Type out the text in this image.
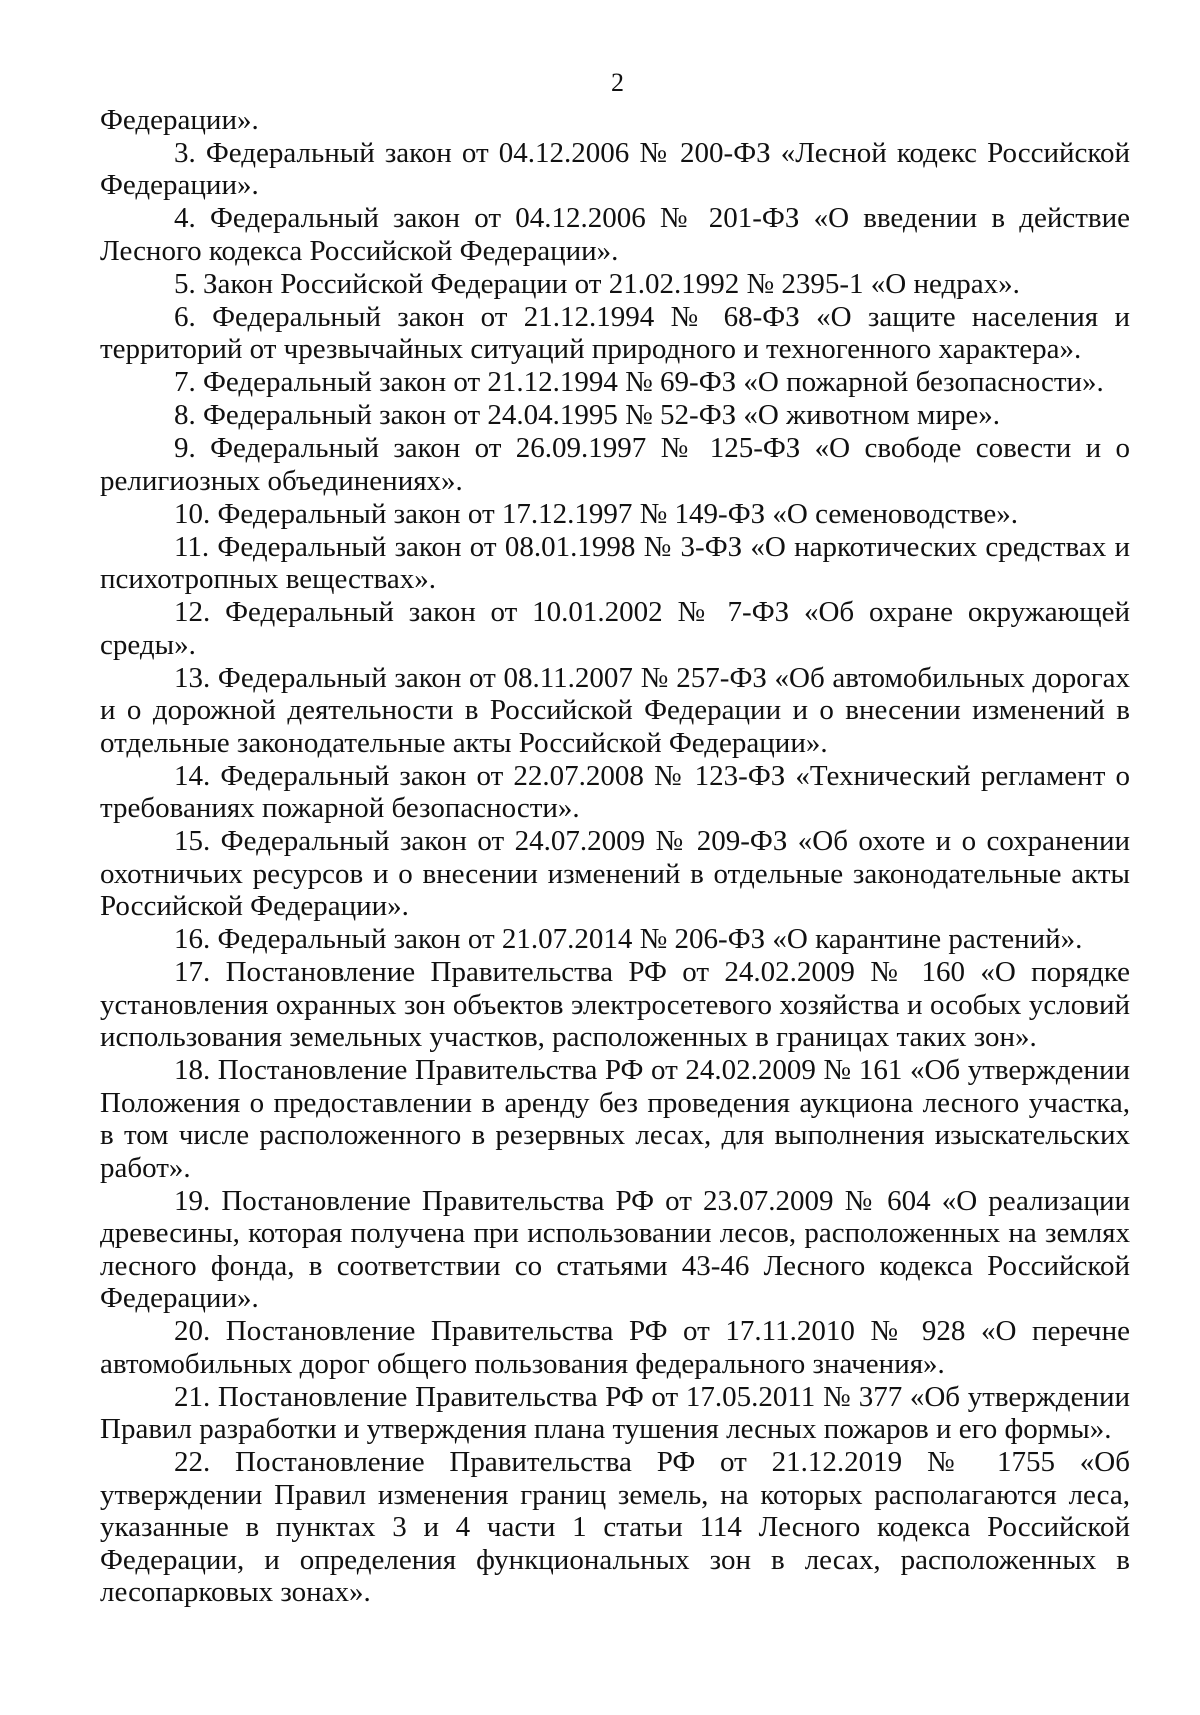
2

Федерации».

3. Федеральный закон от 04.12.2006 № 200-ФЗ «Лесной кодекс Российской Федерации».

4. Федеральный закон от 04.12.2006 № 201-ФЗ «О введении в действие Лесного кодекса Российской Федерации».

5. Закон Российской Федерации от 21.02.1992 № 2395-1 «О недрах».

6. Федеральный закон от 21.12.1994 № 68-ФЗ «О защите населения и территорий от чрезвычайных ситуаций природного и техногенного характера».

7. Федеральный закон от 21.12.1994 № 69-ФЗ «О пожарной безопасности».

8. Федеральный закон от 24.04.1995 № 52-ФЗ «О животном мире».

9. Федеральный закон от 26.09.1997 № 125-ФЗ «О свободе совести и о религиозных объединениях».

10. Федеральный закон от 17.12.1997 № 149-ФЗ «О семеноводстве».

11. Федеральный закон от 08.01.1998 № 3-ФЗ «О наркотических средствах и психотропных веществах».

12. Федеральный закон от 10.01.2002 № 7-ФЗ «Об охране окружающей среды».

13. Федеральный закон от 08.11.2007 № 257-ФЗ «Об автомобильных дорогах и о дорожной деятельности в Российской Федерации и о внесении изменений в отдельные законодательные акты Российской Федерации».

14. Федеральный закон от 22.07.2008 № 123-ФЗ «Технический регламент о требованиях пожарной безопасности».

15. Федеральный закон от 24.07.2009 № 209-ФЗ «Об охоте и о сохранении охотничьих ресурсов и о внесении изменений в отдельные законодательные акты Российской Федерации».

16. Федеральный закон от 21.07.2014 № 206-ФЗ «О карантине растений».

17. Постановление Правительства РФ от 24.02.2009 № 160 «О порядке установления охранных зон объектов электросетевого хозяйства и особых условий использования земельных участков, расположенных в границах таких зон».

18. Постановление Правительства РФ от 24.02.2009 № 161 «Об утверждении Положения о предоставлении в аренду без проведения аукциона лесного участка, в том числе расположенного в резервных лесах, для выполнения изыскательских работ».

19. Постановление Правительства РФ от 23.07.2009 № 604 «О реализации древесины, которая получена при использовании лесов, расположенных на землях лесного фонда, в соответствии со статьями 43-46 Лесного кодекса Российской Федерации».

20. Постановление Правительства РФ от 17.11.2010 № 928 «О перечне автомобильных дорог общего пользования федерального значения».

21. Постановление Правительства РФ от 17.05.2011 № 377 «Об утверждении Правил разработки и утверждения плана тушения лесных пожаров и его формы».

22. Постановление Правительства РФ от 21.12.2019 № 1755 «Об утверждении Правил изменения границ земель, на которых располагаются леса, указанные в пунктах 3 и 4 части 1 статьи 114 Лесного кодекса Российской Федерации, и определения функциональных зон в лесах, расположенных в лесопарковых зонах».
